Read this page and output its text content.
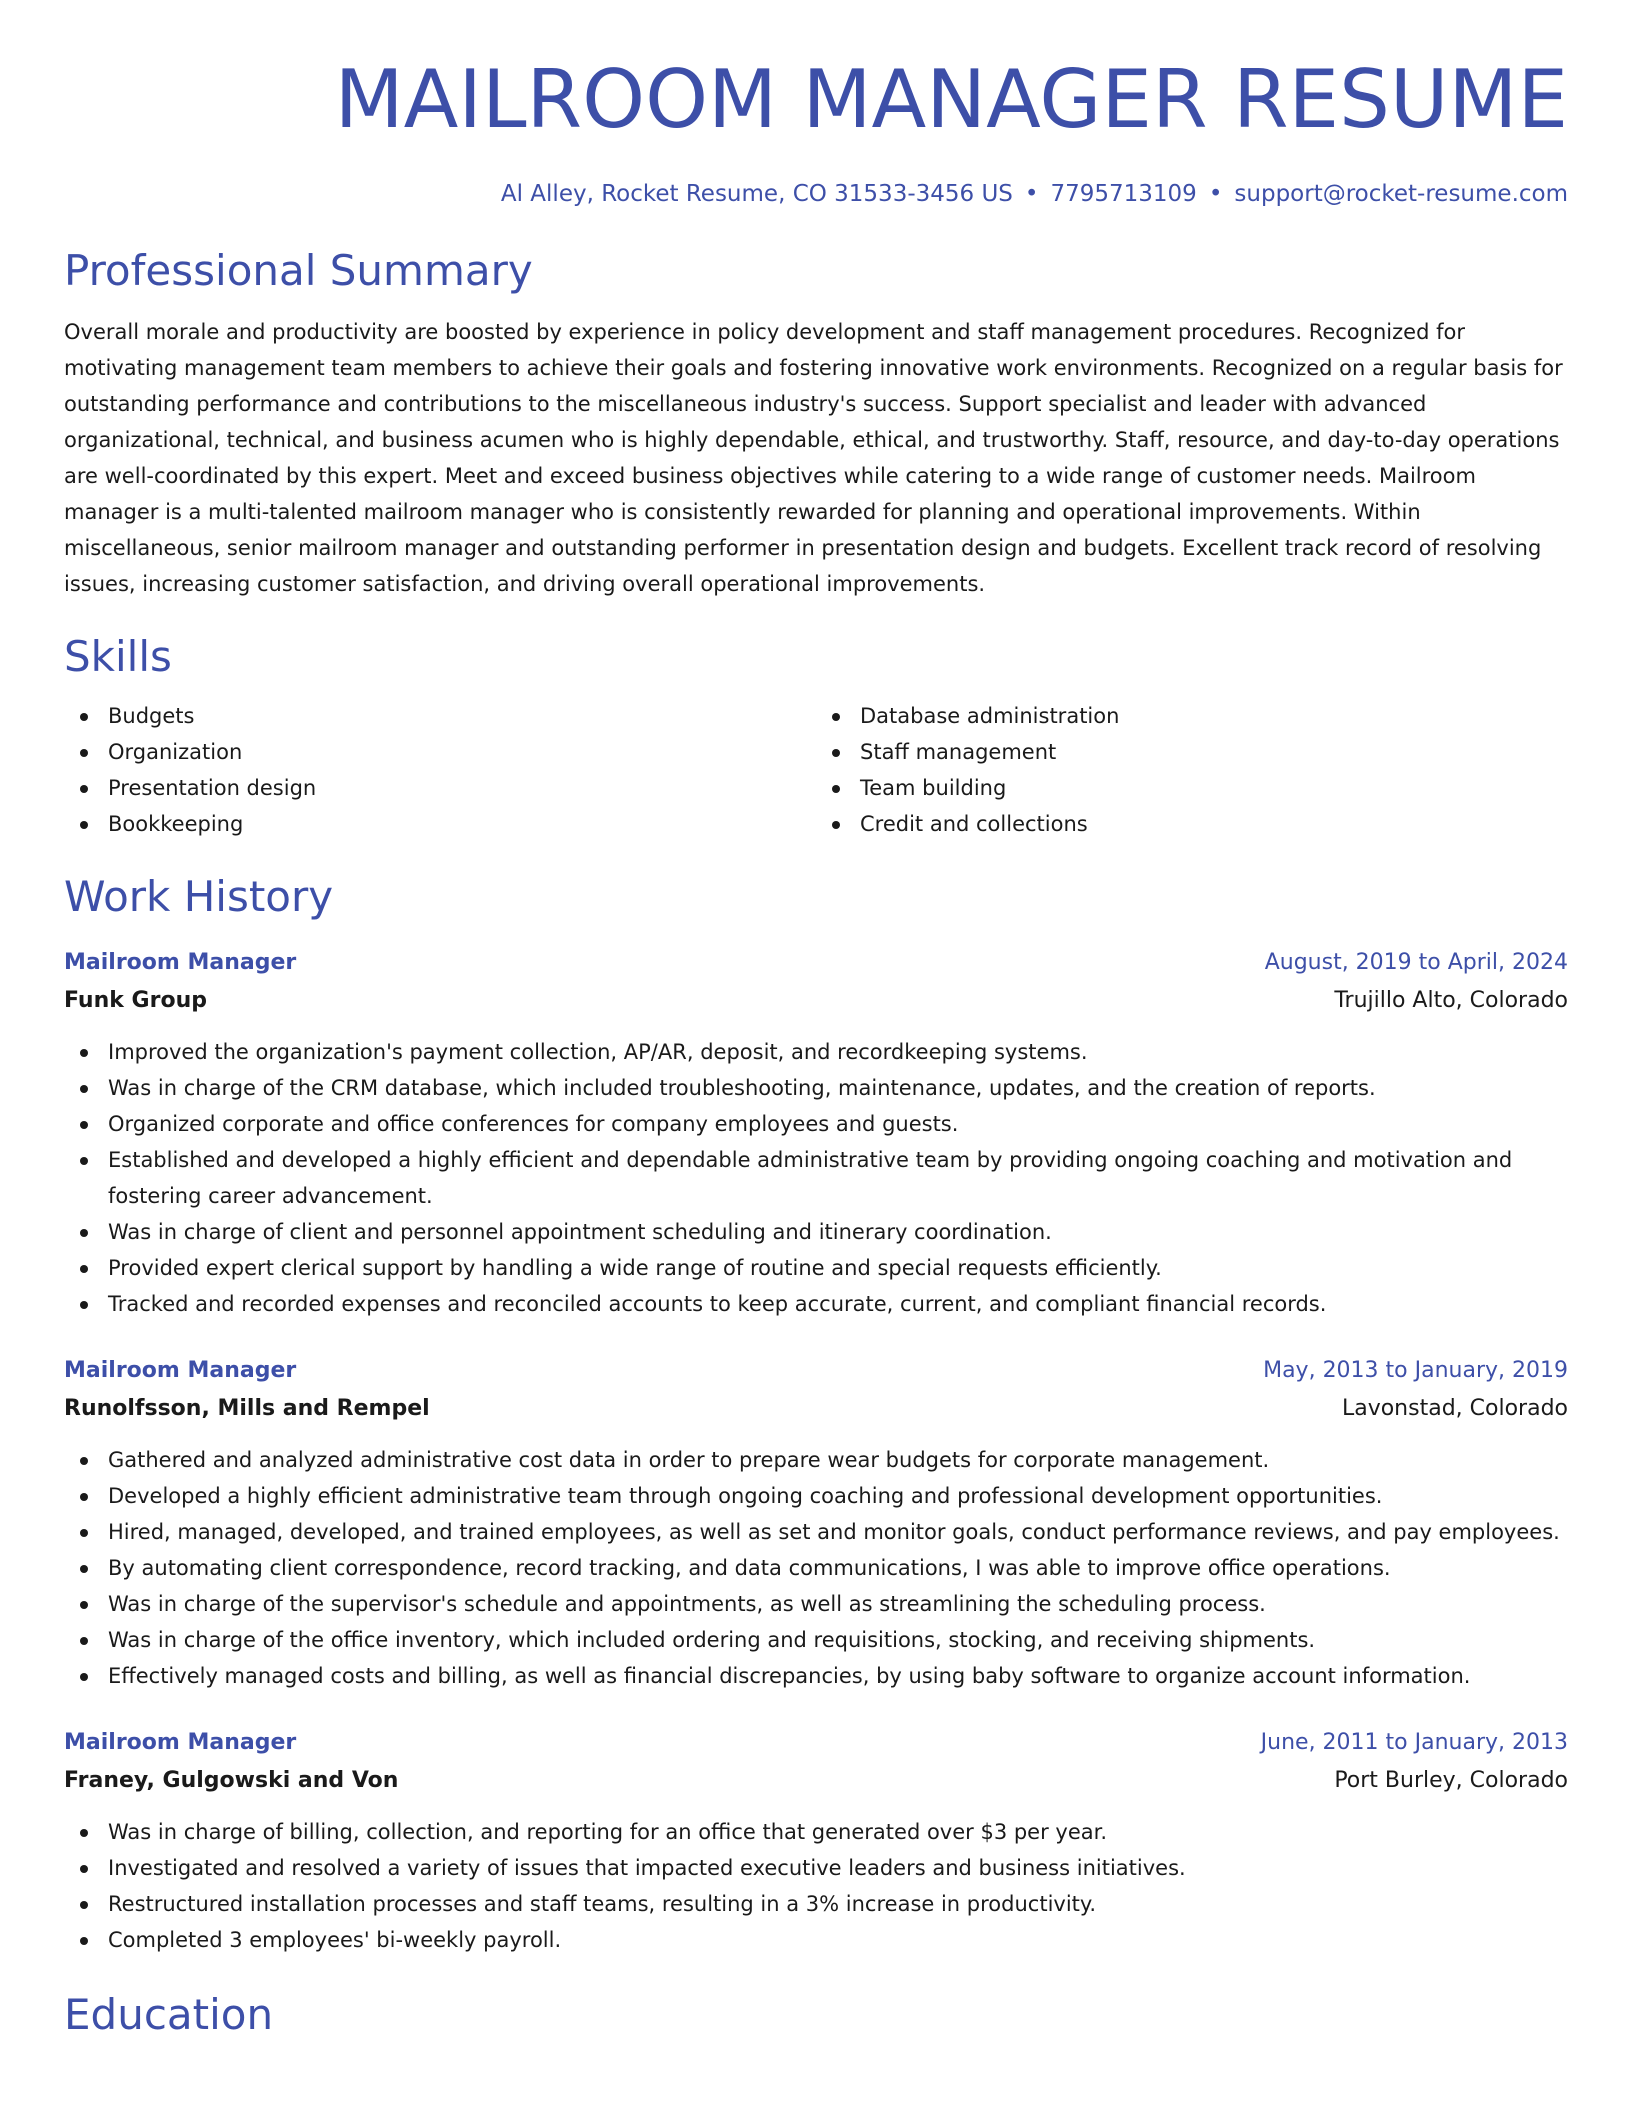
MAILROOM MANAGER RESUME
Al Alley, Rocket Resume, CO 31533-3456 US • 7795713109 • support@rocket-resume.com
Professional Summary

Overall morale and productivity are boosted by experience in policy development and staff management procedures. Recognized for motivating management team members to achieve their goals and fostering innovative work environments. Recognized on a regular basis for outstanding performance and contributions to the miscellaneous industry's success. Support specialist and leader with advanced organizational, technical, and business acumen who is highly dependable, ethical, and trustworthy. Staff, resource, and day-to-day operations are well-coordinated by this expert. Meet and exceed business objectives while catering to a wide range of customer needs. Mailroom manager is a multi-talented mailroom manager who is consistently rewarded for planning and operational improvements. Within miscellaneous, senior mailroom manager and outstanding performer in presentation design and budgets. Excellent track record of resolving issues, increasing customer satisfaction, and driving overall operational improvements.

Skills
Budgets
Organization
Presentation design
Bookkeeping
Database administration
Staff management
Team building
Credit and collections
Work History
Mailroom Manager	August, 2019 to April, 2024
Funk Group	Trujillo Alto, Colorado
Improved the organization's payment collection, AP/AR, deposit, and recordkeeping systems.
Was in charge of the CRM database, which included troubleshooting, maintenance, updates, and the creation of reports.
Organized corporate and office conferences for company employees and guests.
Established and developed a highly efficient and dependable administrative team by providing ongoing coaching and motivation and fostering career advancement.
Was in charge of client and personnel appointment scheduling and itinerary coordination.
Provided expert clerical support by handling a wide range of routine and special requests efficiently.
Tracked and recorded expenses and reconciled accounts to keep accurate, current, and compliant financial records.
Mailroom Manager	May, 2013 to January, 2019
Runolfsson, Mills and Rempel	Lavonstad, Colorado
Gathered and analyzed administrative cost data in order to prepare wear budgets for corporate management.
Developed a highly efficient administrative team through ongoing coaching and professional development opportunities.
Hired, managed, developed, and trained employees, as well as set and monitor goals, conduct performance reviews, and pay employees.
By automating client correspondence, record tracking, and data communications, I was able to improve office operations.
Was in charge of the supervisor's schedule and appointments, as well as streamlining the scheduling process.
Was in charge of the office inventory, which included ordering and requisitions, stocking, and receiving shipments.
Effectively managed costs and billing, as well as financial discrepancies, by using baby software to organize account information.
Mailroom Manager	June, 2011 to January, 2013
Franey, Gulgowski and Von	Port Burley, Colorado
Was in charge of billing, collection, and reporting for an office that generated over $3 per year.
Investigated and resolved a variety of issues that impacted executive leaders and business initiatives.
Restructured installation processes and staff teams, resulting in a 3% increase in productivity.
Completed 3 employees' bi-weekly payroll.
Education
